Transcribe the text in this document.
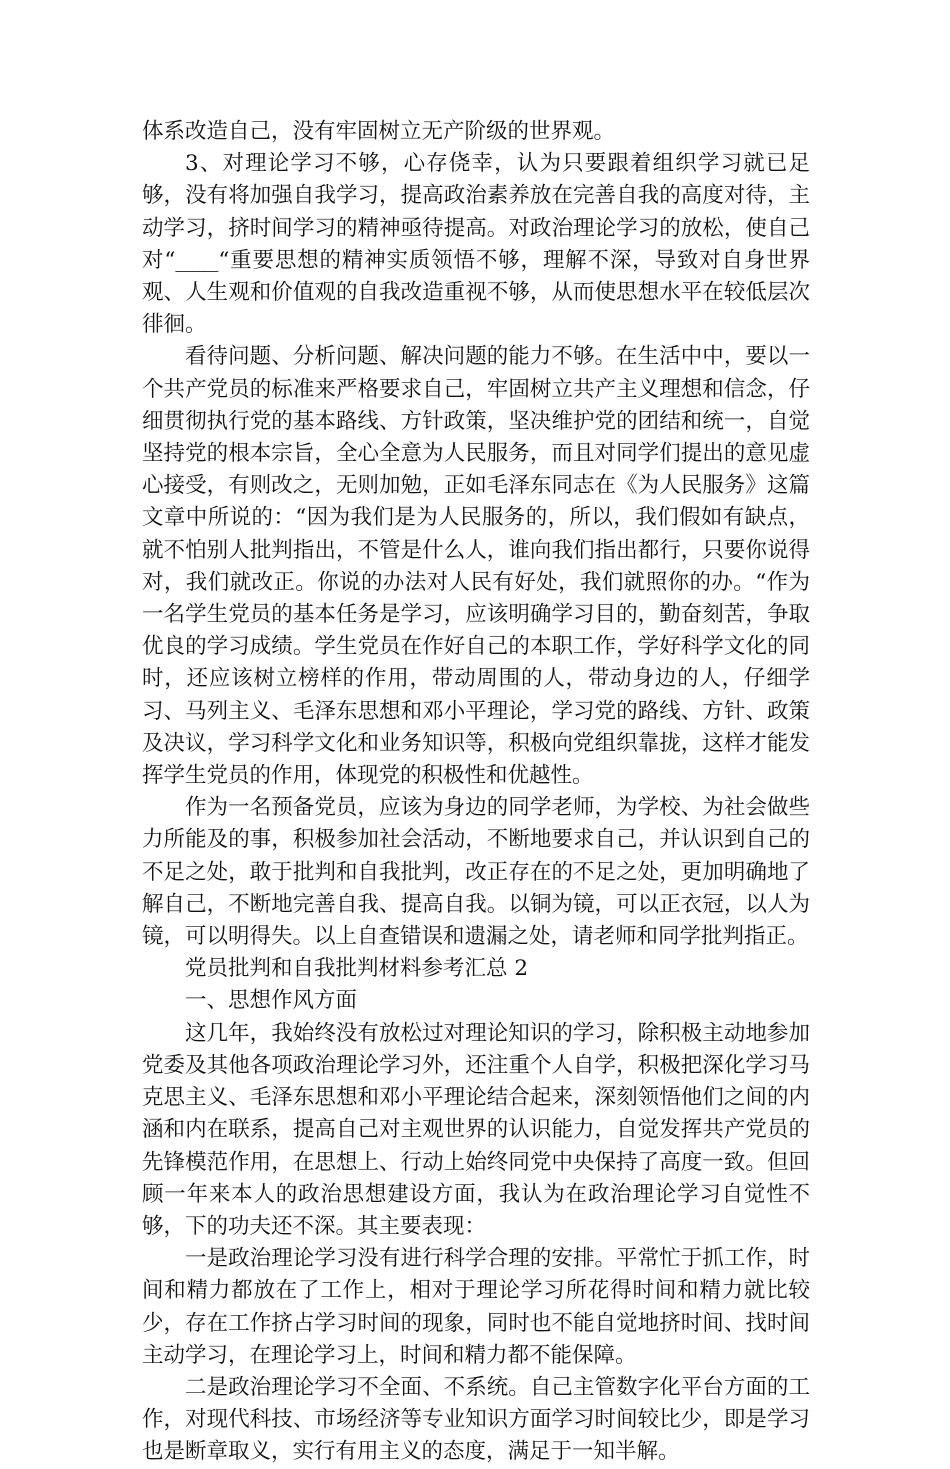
体系改造自己，没有牢固树立无产阶级的世界观。

3、对理论学习不够，心存侥幸，认为只要跟着组织学习就已足够，没有将加强自我学习，提高政治素养放在完善自我的高度对待，主动学习，挤时间学习的精神亟待提高。对政治理论学习的放松，使自己对“____“重要思想的精神实质领悟不够，理解不深，导致对自身世界观、人生观和价值观的自我改造重视不够，从而使思想水平在较低层次徘徊。

看待问题、分析问题、解决问题的能力不够。在生活中中，要以一个共产党员的标准来严格要求自己，牢固树立共产主义理想和信念，仔细贯彻执行党的基本路线、方针政策，坚决维护党的团结和统一，自觉坚持党的根本宗旨，全心全意为人民服务，而且对同学们提出的意见虚心接受，有则改之，无则加勉，正如毛泽东同志在《为人民服务》这篇文章中所说的：“因为我们是为人民服务的，所以，我们假如有缺点，就不怕别人批判指出，不管是什么人，谁向我们指出都行，只要你说得对，我们就改正。你说的办法对人民有好处，我们就照你的办。“作为一名学生党员的基本任务是学习，应该明确学习目的，勤奋刻苦，争取优良的学习成绩。学生党员在作好自己的本职工作，学好科学文化的同时，还应该树立榜样的作用，带动周围的人，带动身边的人，仔细学习、马列主义、毛泽东思想和邓小平理论，学习党的路线、方针、政策及决议，学习科学文化和业务知识等，积极向党组织靠拢，这样才能发挥学生党员的作用，体现党的积极性和优越性。

作为一名预备党员，应该为身边的同学老师，为学校、为社会做些力所能及的事，积极参加社会活动，不断地要求自己，并认识到自己的不足之处，敢于批判和自我批判，改正存在的不足之处，更加明确地了解自己，不断地完善自我、提高自我。以铜为镜，可以正衣冠，以人为镜，可以明得失。以上自查错误和遗漏之处，请老师和同学批判指正。

党员批判和自我批判材料参考汇总 2

一、思想作风方面

这几年，我始终没有放松过对理论知识的学习，除积极主动地参加党委及其他各项政治理论学习外，还注重个人自学，积极把深化学习马克思主义、毛泽东思想和邓小平理论结合起来，深刻领悟他们之间的内涵和内在联系，提高自己对主观世界的认识能力，自觉发挥共产党员的先锋模范作用，在思想上、行动上始终同党中央保持了高度一致。但回顾一年来本人的政治思想建设方面，我认为在政治理论学习自觉性不够，下的功夫还不深。其主要表现：

一是政治理论学习没有进行科学合理的安排。平常忙于抓工作，时间和精力都放在了工作上，相对于理论学习所花得时间和精力就比较少，存在工作挤占学习时间的现象，同时也不能自觉地挤时间、找时间主动学习，在理论学习上，时间和精力都不能保障。

二是政治理论学习不全面、不系统。自己主管数字化平台方面的工作，对现代科技、市场经济等专业知识方面学习时间较比少，即是学习也是断章取义，实行有用主义的态度，满足于一知半解。
